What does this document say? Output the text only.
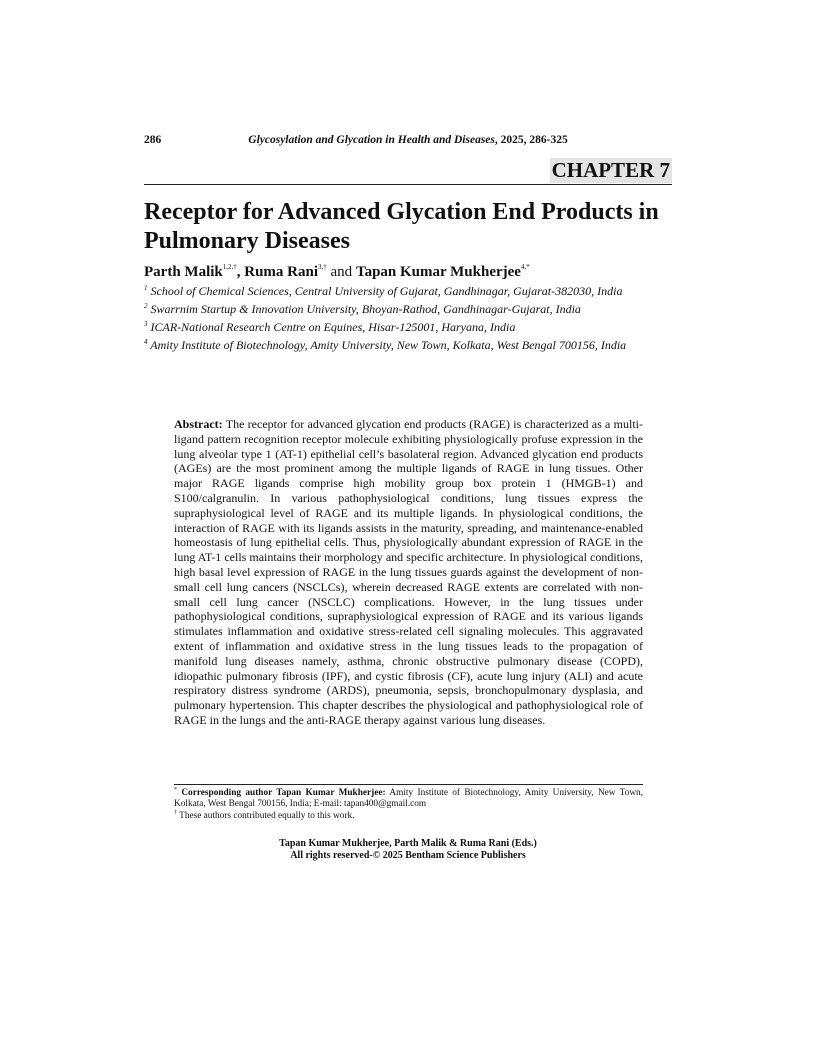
286	Glycosylation and Glycation in Health and Diseases, 2025, 286-325
CHAPTER 7
Receptor for Advanced Glycation End Products in Pulmonary Diseases
Parth Malik$^{1,2,\dagger}$, Ruma Rani$^{3,\dagger}$ and Tapan Kumar Mukherjee$^{4,*}$
$^1$ School of Chemical Sciences, Central University of Gujarat, Gandhinagar, Gujarat-382030, India
$^2$ Swarrnim Startup & Innovation University, Bhoyan-Rathod, Gandhinagar-Gujarat, India
$^3$ ICAR-National Research Centre on Equines, Hisar-125001, Haryana, India
$^4$ Amity Institute of Biotechnology, Amity University, New Town, Kolkata, West Bengal 700156, India

Abstract: The receptor for advanced glycation end products (RAGE) is characterized as a multi-ligand pattern recognition receptor molecule exhibiting physiologically profuse expression in the lung alveolar type 1 (AT-1) epithelial cell’s basolateral region. Advanced glycation end products (AGEs) are the most prominent among the multiple ligands of RAGE in lung tissues. Other major RAGE ligands comprise high mobility group box protein 1 (HMGB-1) and S100/calgranulin. In various pathophysiological conditions, lung tissues express the supraphysiological level of RAGE and its multiple ligands. In physiological conditions, the interaction of RAGE with its ligands assists in the maturity, spreading, and maintenance-enabled homeostasis of lung epithelial cells. Thus, physiologically abundant expression of RAGE in the lung AT-1 cells maintains their morphology and specific architecture. In physiological conditions, high basal level expression of RAGE in the lung tissues guards against the development of non-small cell lung cancers (NSCLCs), wherein decreased RAGE extents are correlated with non-small cell lung cancer (NSCLC) complications. However, in the lung tissues under pathophysiological conditions, supraphysiological expression of RAGE and its various ligands stimulates inflammation and oxidative stress-related cell signaling molecules. This aggravated extent of inflammation and oxidative stress in the lung tissues leads to the propagation of manifold lung diseases namely, asthma, chronic obstructive pulmonary disease (COPD), idiopathic pulmonary fibrosis (IPF), and cystic fibrosis (CF), acute lung injury (ALI) and acute respiratory distress syndrome (ARDS), pneumonia, sepsis, bronchopulmonary dysplasia, and pulmonary hypertension. This chapter describes the physiological and pathophysiological role of RAGE in the lungs and the anti-RAGE therapy against various lung diseases.

* Corresponding author Tapan Kumar Mukherjee: Amity Institute of Biotechnology, Amity University, New Town, Kolkata, West Bengal 700156, India; E-mail: tapan400@gmail.com
† These authors contributed equally to this work.
Tapan Kumar Mukherjee, Parth Malik & Ruma Rani (Eds.)
All rights reserved-© 2025 Bentham Science Publishers
